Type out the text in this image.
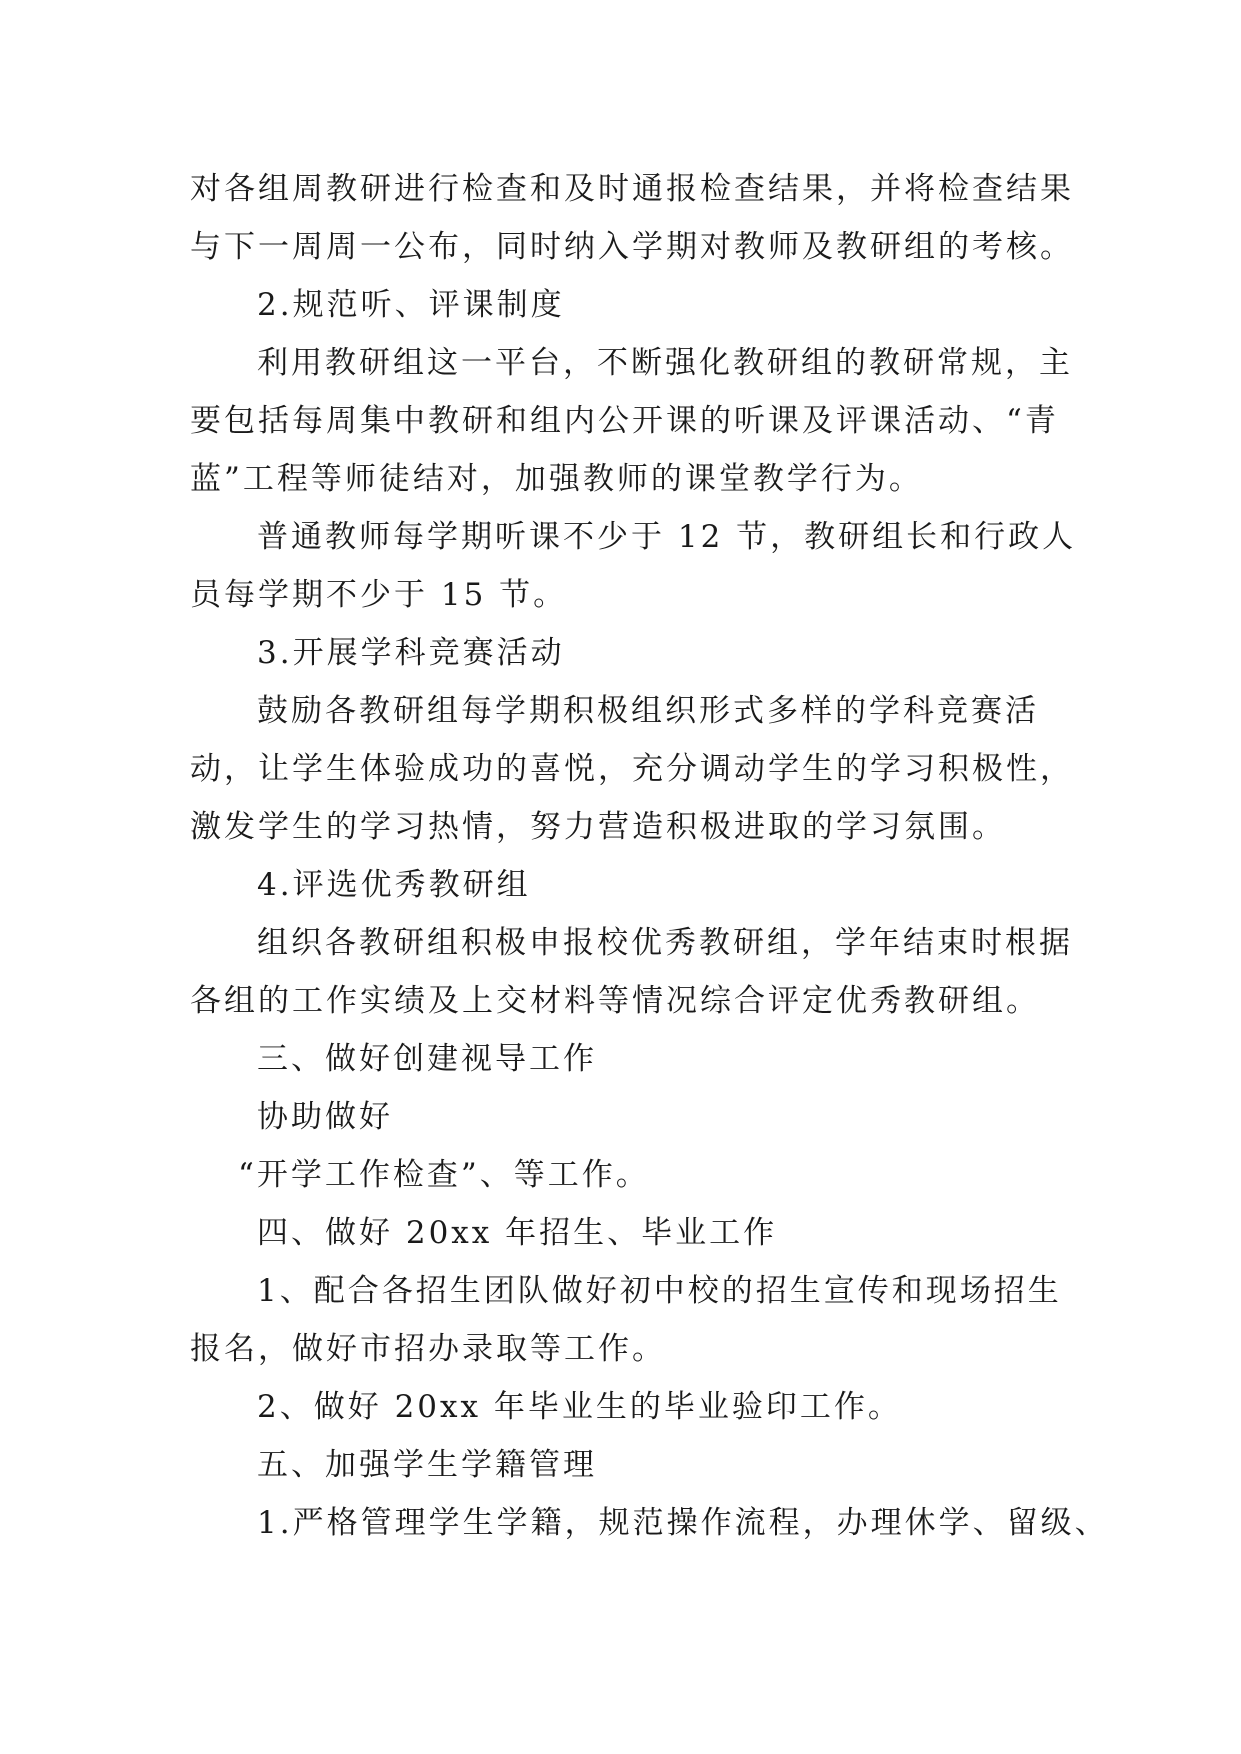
对各组周教研进行检查和及时通报检查结果，并将检查结果
与下一周周一公布，同时纳入学期对教师及教研组的考核。
2.规范听、评课制度
利用教研组这一平台，不断强化教研组的教研常规，主
要包括每周集中教研和组内公开课的听课及评课活动、“青
蓝”工程等师徒结对，加强教师的课堂教学行为。
普通教师每学期听课不少于 12 节，教研组长和行政人
员每学期不少于 15 节。
3.开展学科竞赛活动
鼓励各教研组每学期积极组织形式多样的学科竞赛活
动，让学生体验成功的喜悦，充分调动学生的学习积极性，
激发学生的学习热情，努力营造积极进取的学习氛围。
4.评选优秀教研组
组织各教研组积极申报校优秀教研组，学年结束时根据
各组的工作实绩及上交材料等情况综合评定优秀教研组。
三、做好创建视导工作
协助做好
“开学工作检查”、等工作。
四、做好 20xx 年招生、毕业工作
1、配合各招生团队做好初中校的招生宣传和现场招生
报名，做好市招办录取等工作。
2、做好 20xx 年毕业生的毕业验印工作。
五、加强学生学籍管理
1.严格管理学生学籍，规范操作流程，办理休学、留级、
